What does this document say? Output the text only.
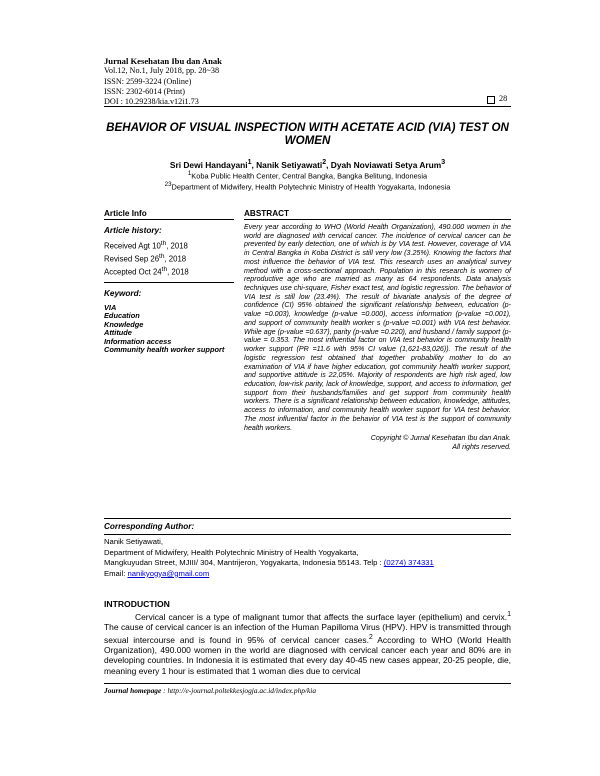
Jurnal Kesehatan Ibu dan Anak
Vol.12, No.1, July 2018, pp. 28~38
ISSN: 2599-3224 (Online)
ISSN: 2302-6014 (Print)
DOI : 10.29238/kia.v12i1.73	28
BEHAVIOR OF VISUAL INSPECTION WITH ACETATE ACID (VIA) TEST ON WOMEN
Sri Dewi Handayani$^1$, Nanik Setiyawati$^2$, Dyah Noviawati Setya Arum$^3$
$^1$Koba Public Health Center, Central Bangka, Bangka Belitung, Indonesia
$^{23}$Department of Midwifery, Health Polytechnic Ministry of Health Yogyakarta, Indonesia
Article Info
Article history:
Received Agt 10th, 2018
Revised Sep 26th, 2018
Accepted Oct 24th, 2018
Keyword:
VIA
Education
Knowledge
Attitude
Information access
Community health worker support
ABSTRACT
Every year according to WHO (World Health Organization), 490.000 women in the world are diagnosed with cervical cancer. The incidence of cervical cancer can be prevented by early detection, one of which is by VIA test. However, coverage of VIA in Central Bangka in Koba District is still very low (3.25%). Knowing the factors that most influence the behavior of VIA test. This research uses an analytical survey method with a cross-sectional approach. Population in this research is women of reproductive age who are married as many as 64 respondents. Data analysis techniques use chi-square, Fisher exact test, and logistic regression. The behavior of VIA test is still low (23.4%). The result of bivariate analysis of the degree of confidence (CI) 95% obtained the significant relationship between, education (p-value =0.003), knowledge (p-value =0.000), access information (p-value =0.001), and support of community health worker s (p-value =0.001) with VIA test behavior. While age (p-value =0.637), parity (p-value =0.220), and husband / family support (p-value = 0.353. The most influential factor on VIA test behavior is community health worker support (PR =11.6 with 95% CI value (1,621-83,026)). The result of the logistic regression test obtained that together probability mother to do an examination of VIA if have higher education, got community health worker support, and supportive attitude is 22,05%. Majority of respondents are high risk aged, low education, low-risk parity, lack of knowledge, support, and access to information, get support from their husbands/families and get support from community health workers. There is a significant relationship between education, knowledge, attitudes, access to information, and community health worker support for VIA test behavior. The most influential factor in the behavior of VIA test is the support of community health workers.
Copyright © Jurnal Kesehatan Ibu dan Anak.
All rights reserved.
Corresponding Author:
Nanik Setiyawati,
Department of Midwifery, Health Polytechnic Ministry of Health Yogyakarta,
Mangkuyudan Street, MJIII/ 304, Mantrijeron, Yogyakarta, Indonesia 55143. Telp : (0274) 374331
Email: nanikyogya@gmail.com
INTRODUCTION
Cervical cancer is a type of malignant tumor that affects the surface layer (epithelium) and cervix.$^1$ The cause of cervical cancer is an infection of the Human Papilloma Virus (HPV). HPV is transmitted through sexual intercourse and is found in 95% of cervical cancer cases.$^2$ According to WHO (World Health Organization), 490.000 women in the world are diagnosed with cervical cancer each year and 80% are in developing countries. In Indonesia it is estimated that every day 40-45 new cases appear, 20-25 people, die, meaning every 1 hour is estimated that 1 woman dies due to cervical
Journal homepage : http://e-journal.poltekkesjogja.ac.id/index.php/kia
